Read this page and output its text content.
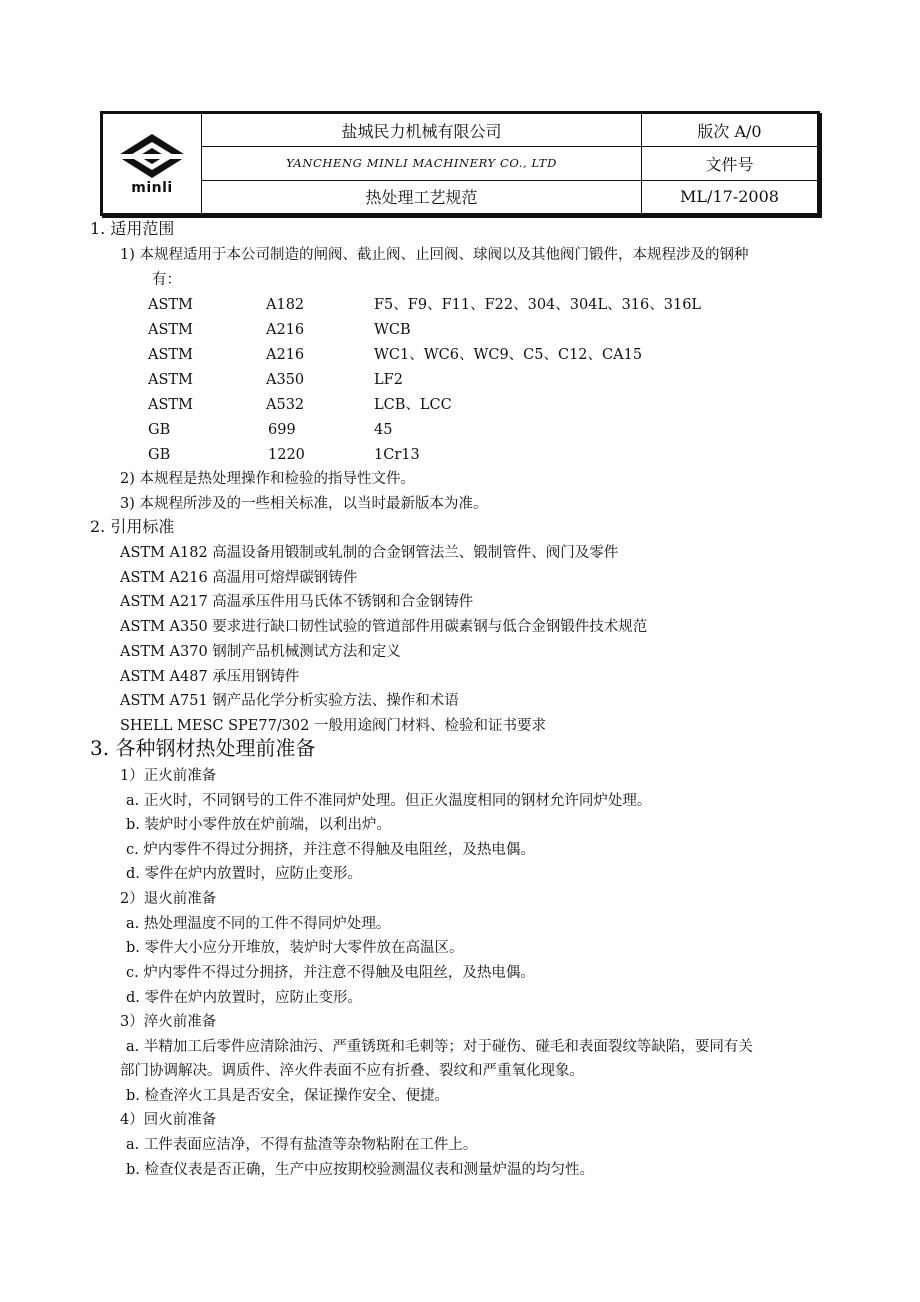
minli	盐城民力机械有限公司	版次 A/0
	YANCHENG MINLI MACHINERY CO., LTD	文件号
	热处理工艺规范	ML/17-2008
1. 适用范围
1) 本规程适用于本公司制造的闸阀、截止阀、止回阀、球阀以及其他阀门锻件，本规程涉及的钢种
有：
ASTM	A182	F5、F9、F11、F22、304、304L、316、316L
ASTM	A216	WCB
ASTM	A216	WC1、WC6、WC9、C5、C12、CA15
ASTM	A350	LF2
ASTM	A532	LCB、LCC
GB	699	45
GB	1220	1Cr13
2) 本规程是热处理操作和检验的指导性文件。
3) 本规程所涉及的一些相关标准，以当时最新版本为准。
2. 引用标准
ASTM A182 高温设备用锻制或轧制的合金钢管法兰、锻制管件、阀门及零件
ASTM A216 高温用可熔焊碳钢铸件
ASTM A217 高温承压件用马氏体不锈钢和合金钢铸件
ASTM A350 要求进行缺口韧性试验的管道部件用碳素钢与低合金钢锻件技术规范
ASTM A370 钢制产品机械测试方法和定义
ASTM A487 承压用钢铸件
ASTM A751 钢产品化学分析实验方法、操作和术语
SHELL MESC SPE77/302 一般用途阀门材料、检验和证书要求
3. 各种钢材热处理前准备
1）正火前准备
a. 正火时，不同钢号的工件不准同炉处理。但正火温度相同的钢材允许同炉处理。
b. 装炉时小零件放在炉前端，以利出炉。
c. 炉内零件不得过分拥挤，并注意不得触及电阻丝，及热电偶。
d. 零件在炉内放置时，应防止变形。
2）退火前准备
a. 热处理温度不同的工件不得同炉处理。
b. 零件大小应分开堆放，装炉时大零件放在高温区。
c. 炉内零件不得过分拥挤，并注意不得触及电阻丝，及热电偶。
d. 零件在炉内放置时，应防止变形。
3）淬火前准备
a. 半精加工后零件应清除油污、严重锈斑和毛刺等；对于碰伤、碰毛和表面裂纹等缺陷，要同有关
部门协调解决。调质件、淬火件表面不应有折叠、裂纹和严重氧化现象。
b. 检查淬火工具是否安全，保证操作安全、便捷。
4）回火前准备
a. 工件表面应洁净，不得有盐渣等杂物粘附在工件上。
b. 检查仪表是否正确，生产中应按期校验测温仪表和测量炉温的均匀性。
